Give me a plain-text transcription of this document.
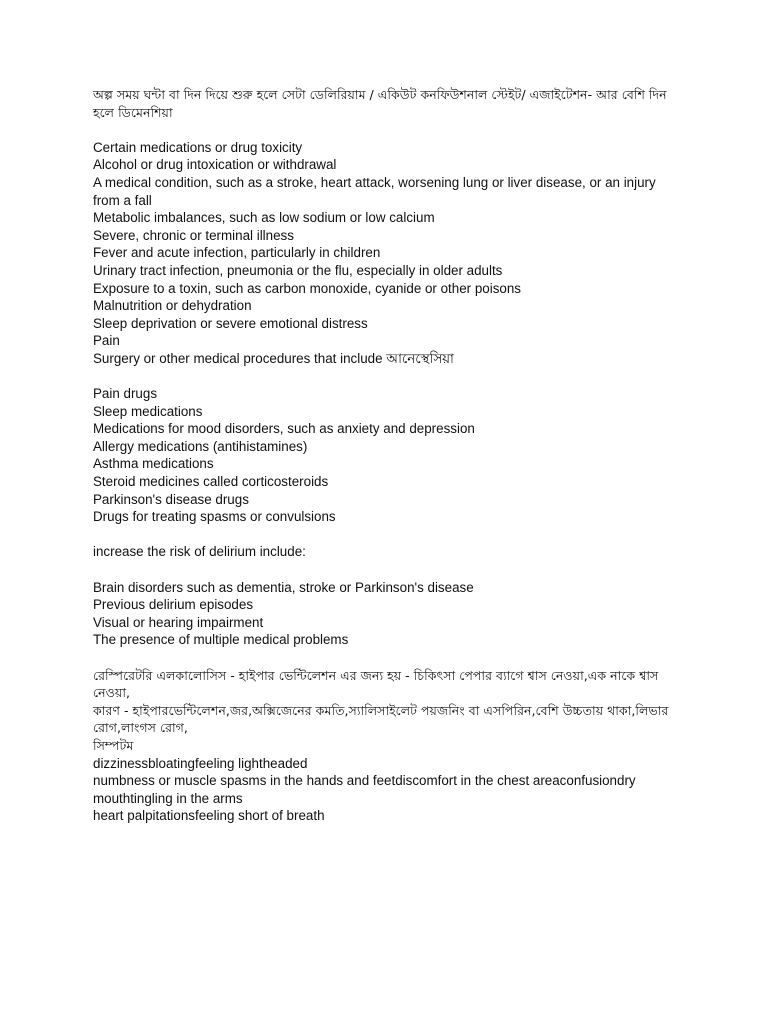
অল্প সময় ঘন্টা বা দিন দিয়ে শুরু হলে সেটা ডেলিরিয়াম / একিউট কনফিউশনাল স্টেইট/ এজাইটেশন- আর বেশি দিন হলে ডিমেনশিয়া

Certain medications or drug toxicity

Alcohol or drug intoxication or withdrawal

A medical condition, such as a stroke, heart attack, worsening lung or liver disease, or an injury from a fall

Metabolic imbalances, such as low sodium or low calcium

Severe, chronic or terminal illness

Fever and acute infection, particularly in children

Urinary tract infection, pneumonia or the flu, especially in older adults

Exposure to a toxin, such as carbon monoxide, cyanide or other poisons

Malnutrition or dehydration

Sleep deprivation or severe emotional distress

Pain

Surgery or other medical procedures that include আনেস্থেসিয়া

Pain drugs

Sleep medications

Medications for mood disorders, such as anxiety and depression

Allergy medications (antihistamines)

Asthma medications

Steroid medicines called corticosteroids

Parkinson's disease drugs

Drugs for treating spasms or convulsions

increase the risk of delirium include:

Brain disorders such as dementia, stroke or Parkinson's disease

Previous delirium episodes

Visual or hearing impairment

The presence of multiple medical problems

রেস্পিরেটরি এলকালোসিস - হাইপার ভেন্টিলেশন এর জন্য হয় - চিকিৎসা পেপার ব্যাগে শ্বাস নেওয়া,এক নাকে শ্বাস নেওয়া,

কারণ - হাইপারভেন্টিলেশন,জর,অক্সিজেনের কমতি,স্যালিসাইলেট পয়জনিং বা এসপিরিন,বেশি উচ্চতায় থাকা,লিভার রোগ,লাংগস রোগ,

সিম্পটম

dizzinessbloatingfeeling lightheaded

numbness or muscle spasms in the hands and feetdiscomfort in the chest areaconfusiondry mouthtingling in the arms

heart palpitationsfeeling short of breath
